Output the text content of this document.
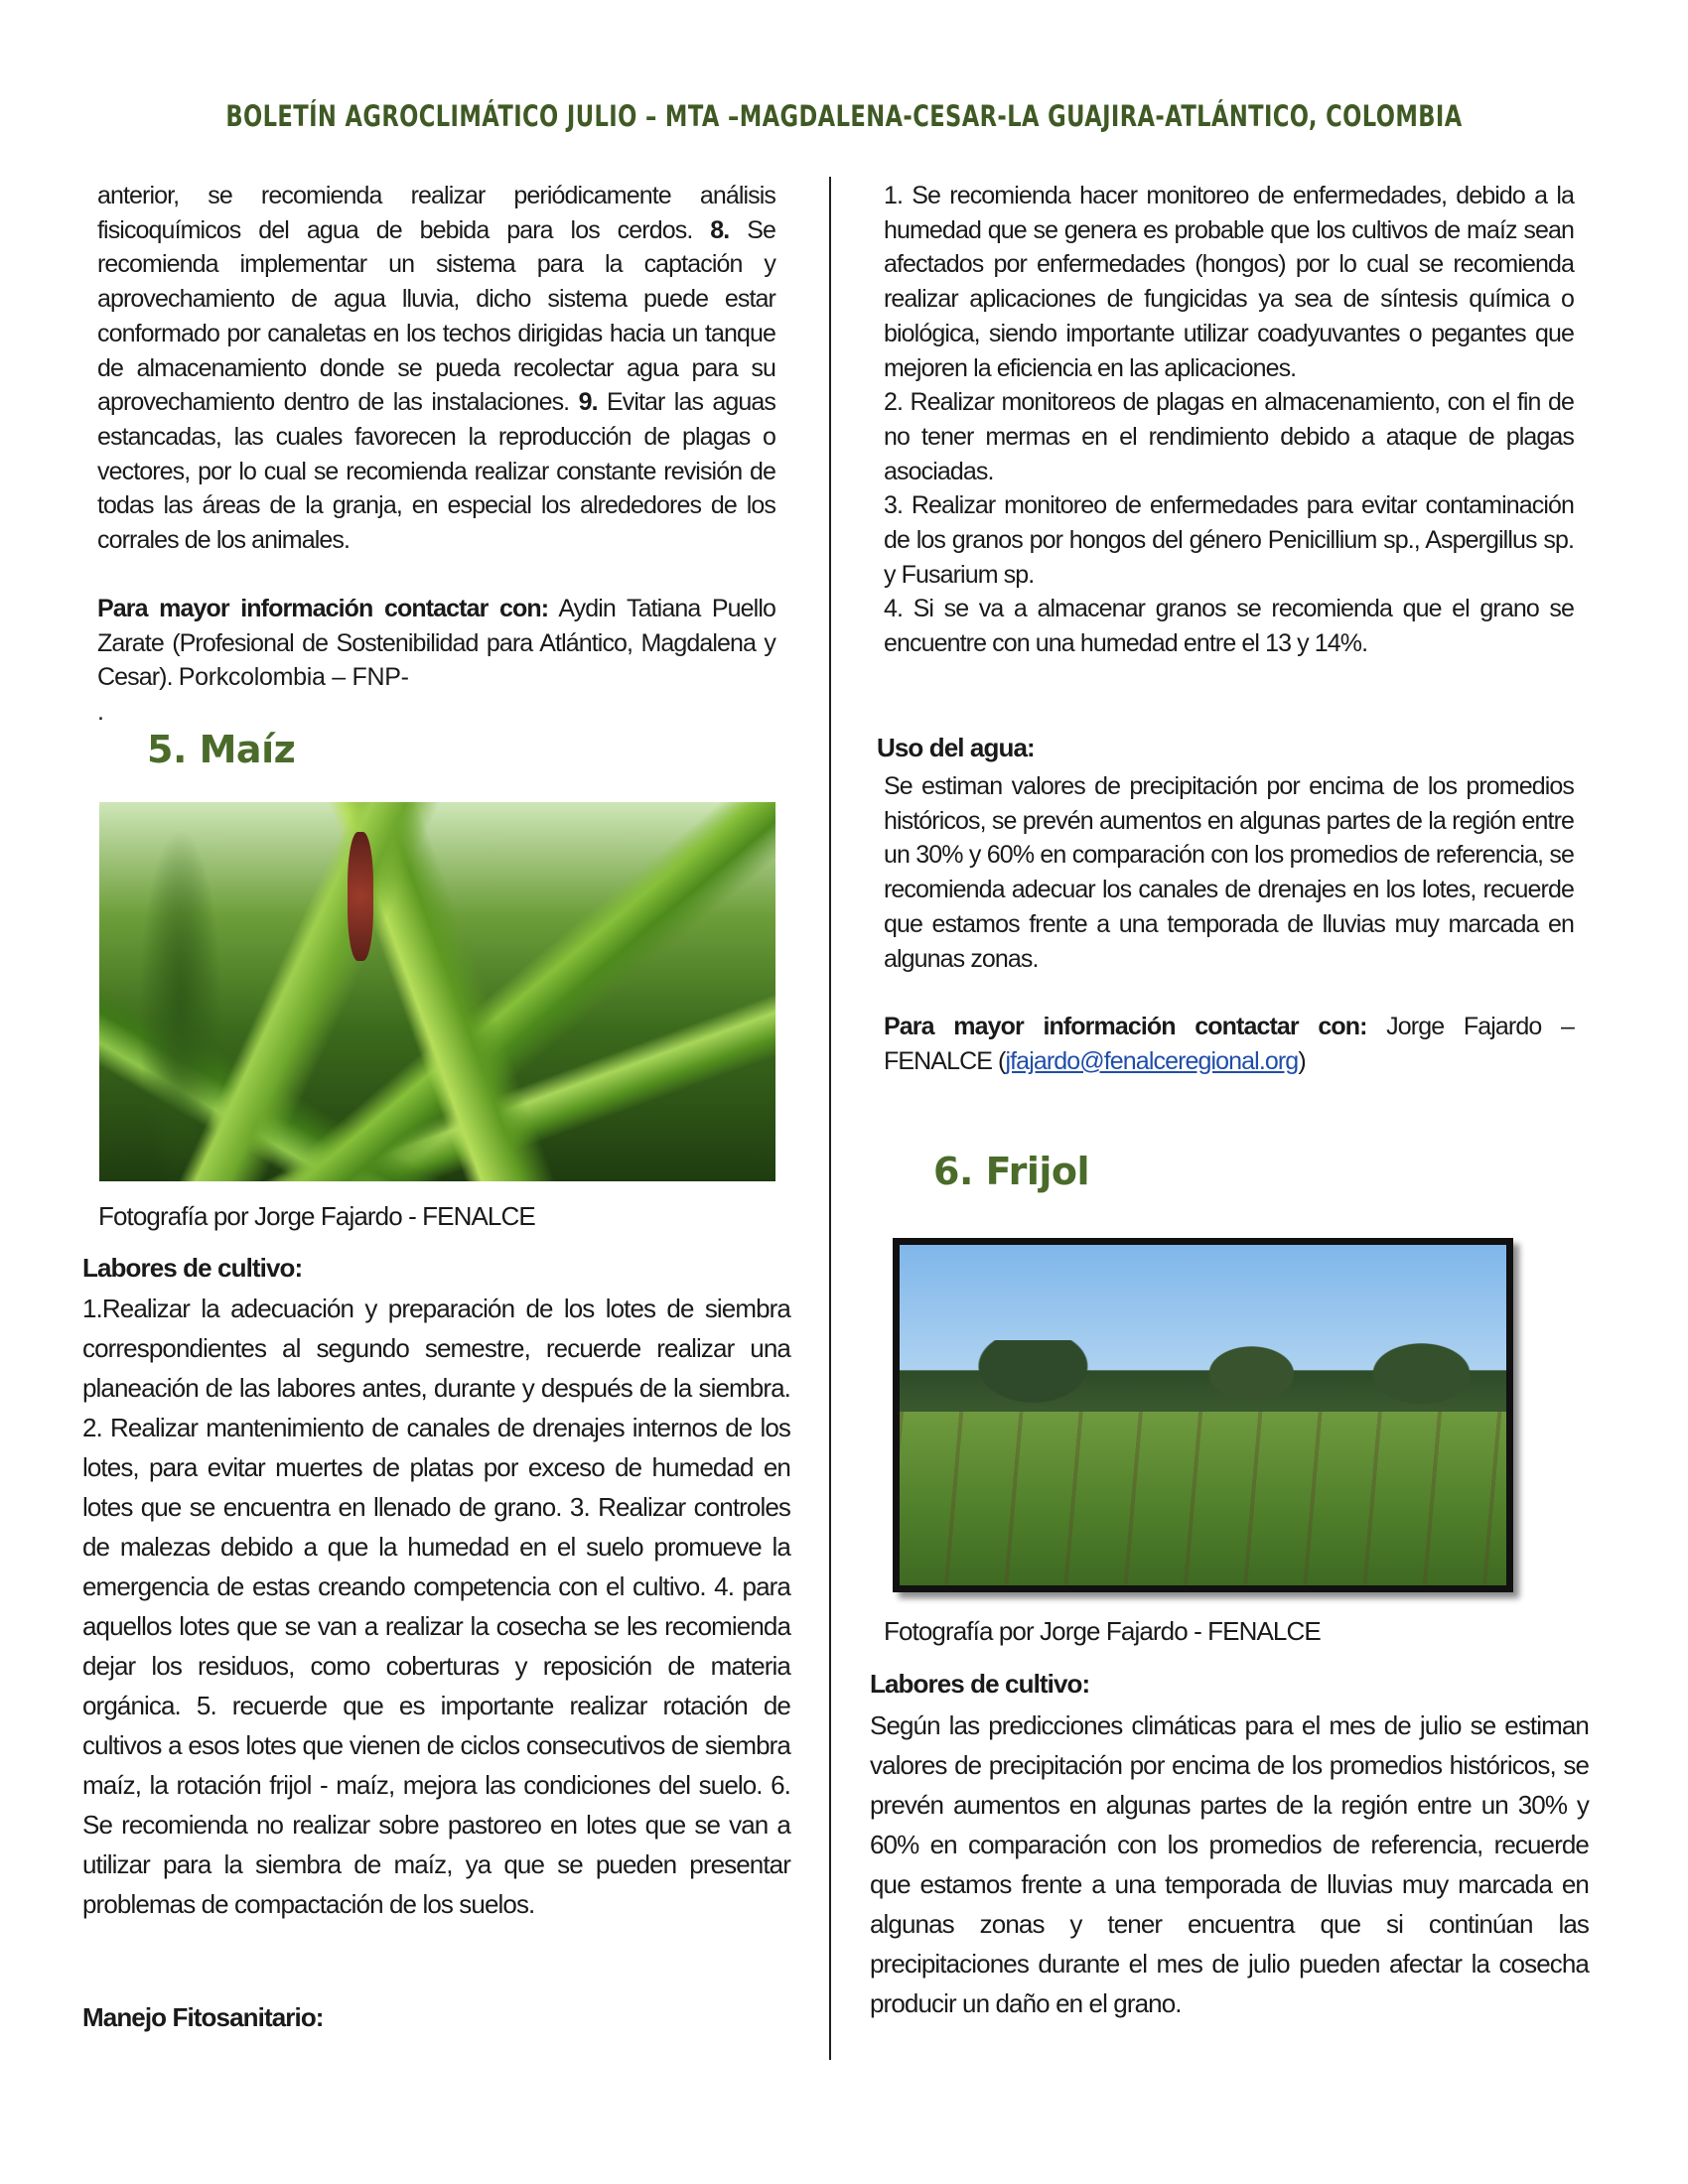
BOLETÍN AGROCLIMÁTICO JULIO – MTA –MAGDALENA-CESAR-LA GUAJIRA-ATLÁNTICO, COLOMBIA
anterior, se recomienda realizar periódicamente análisis fisicoquímicos del agua de bebida para los cerdos. 8. Se recomienda implementar un sistema para la captación y aprovechamiento de agua lluvia, dicho sistema puede estar conformado por canaletas en los techos dirigidas hacia un tanque de almacenamiento donde se pueda recolectar agua para su aprovechamiento dentro de las instalaciones. 9. Evitar las aguas estancadas, las cuales favorecen la reproducción de plagas o vectores, por lo cual se recomienda realizar constante revisión de todas las áreas de la granja, en especial los alrededores de los corrales de los animales.
Para mayor información contactar con: Aydin Tatiana Puello Zarate (Profesional de Sostenibilidad para Atlántico, Magdalena y Cesar). Porkcolombia – FNP-
.
5. Maíz
Fotografía por Jorge Fajardo - FENALCE
Labores de cultivo:
1.Realizar la adecuación y preparación de los lotes de siembra correspondientes al segundo semestre, recuerde realizar una planeación de las labores antes, durante y después de la siembra. 2. Realizar mantenimiento de canales de drenajes internos de los lotes, para evitar muertes de platas por exceso de humedad en lotes que se encuentra en llenado de grano. 3. Realizar controles de malezas debido a que la humedad en el suelo promueve la emergencia de estas creando competencia con el cultivo. 4. para aquellos lotes que se van a realizar la cosecha se les recomienda dejar los residuos, como coberturas y reposición de materia orgánica. 5. recuerde que es importante realizar rotación de cultivos a esos lotes que vienen de ciclos consecutivos de siembra maíz, la rotación frijol - maíz, mejora las condiciones del suelo. 6. Se recomienda no realizar sobre pastoreo en lotes que se van a utilizar para la siembra de maíz, ya que se pueden presentar problemas de compactación de los suelos.
Manejo Fitosanitario:
1. Se recomienda hacer monitoreo de enfermedades, debido a la humedad que se genera es probable que los cultivos de maíz sean afectados por enfermedades (hongos) por lo cual se recomienda realizar aplicaciones de fungicidas ya sea de síntesis química o biológica, siendo importante utilizar coadyuvantes o pegantes que mejoren la eficiencia en las aplicaciones.
2. Realizar monitoreos de plagas en almacenamiento, con el fin de no tener mermas en el rendimiento debido a ataque de plagas asociadas.
3. Realizar monitoreo de enfermedades para evitar contaminación de los granos por hongos del género Penicillium sp., Aspergillus sp. y Fusarium sp.
4. Si se va a almacenar granos se recomienda que el grano se encuentre con una humedad entre el 13 y 14%.
Uso del agua:
Se estiman valores de precipitación por encima de los promedios históricos, se prevén aumentos en algunas partes de la región entre un 30% y 60% en comparación con los promedios de referencia, se recomienda adecuar los canales de drenajes en los lotes, recuerde que estamos frente a una temporada de lluvias muy marcada en algunas zonas.
Para mayor información contactar con: Jorge Fajardo – FENALCE (jfajardo@fenalceregional.org)
6. Frijol
Fotografía por Jorge Fajardo - FENALCE
Labores de cultivo:
Según las predicciones climáticas para el mes de julio se estiman valores de precipitación por encima de los promedios históricos, se prevén aumentos en algunas partes de la región entre un 30% y 60% en comparación con los promedios de referencia, recuerde que estamos frente a una temporada de lluvias muy marcada en algunas zonas y tener encuentra que si continúan las precipitaciones durante el mes de julio pueden afectar la cosecha producir un daño en el grano.
